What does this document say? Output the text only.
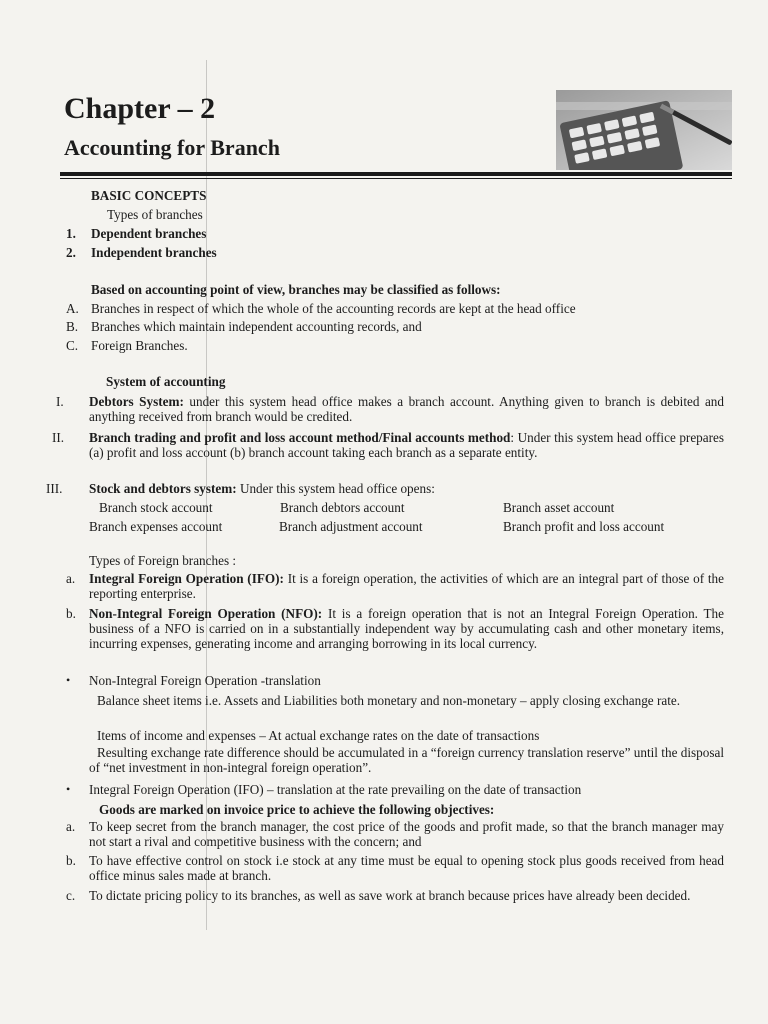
Chapter – 2
Accounting for Branch
BASIC CONCEPTS
Types of branches
1. Dependent branches
2. Independent branches
Based on accounting point of view, branches may be classified as follows:
A. Branches in respect of which the whole of the accounting records are kept at the head office
B. Branches which maintain independent accounting records, and
C. Foreign Branches.
System of accounting
I. Debtors System: under this system head office makes a branch account. Anything given to branch is debited and anything received from branch would be credited.
II. Branch trading and profit and loss account method/Final accounts method: Under this system head office prepares (a) profit and loss account (b) branch account taking each branch as a separate entity.
III. Stock and debtors system: Under this system head office opens:
Branch stock account	Branch debtors account	Branch asset account
Branch expenses account	Branch adjustment account	Branch profit and loss account
Types of Foreign branches :
a. Integral Foreign Operation (IFO): It is a foreign operation, the activities of which are an integral part of those of the reporting enterprise.
b. Non-Integral Foreign Operation (NFO): It is a foreign operation that is not an Integral Foreign Operation. The business of a NFO is carried on in a substantially independent way by accumulating cash and other monetary items, incurring expenses, generating income and arranging borrowing in its local currency.
• Non-Integral Foreign Operation -translation
Balance sheet items i.e. Assets and Liabilities both monetary and non-monetary – apply closing exchange rate.
Items of income and expenses – At actual exchange rates on the date of transactions
Resulting exchange rate difference should be accumulated in a “foreign currency translation reserve” until the disposal of “net investment in non-integral foreign operation”.
• Integral Foreign Operation (IFO) – translation at the rate prevailing on the date of transaction
Goods are marked on invoice price to achieve the following objectives:
a. To keep secret from the branch manager, the cost price of the goods and profit made, so that the branch manager may not start a rival and competitive business with the concern; and
b. To have effective control on stock i.e stock at any time must be equal to opening stock plus goods received from head office minus sales made at branch.
c. To dictate pricing policy to its branches, as well as save work at branch because prices have already been decided.
